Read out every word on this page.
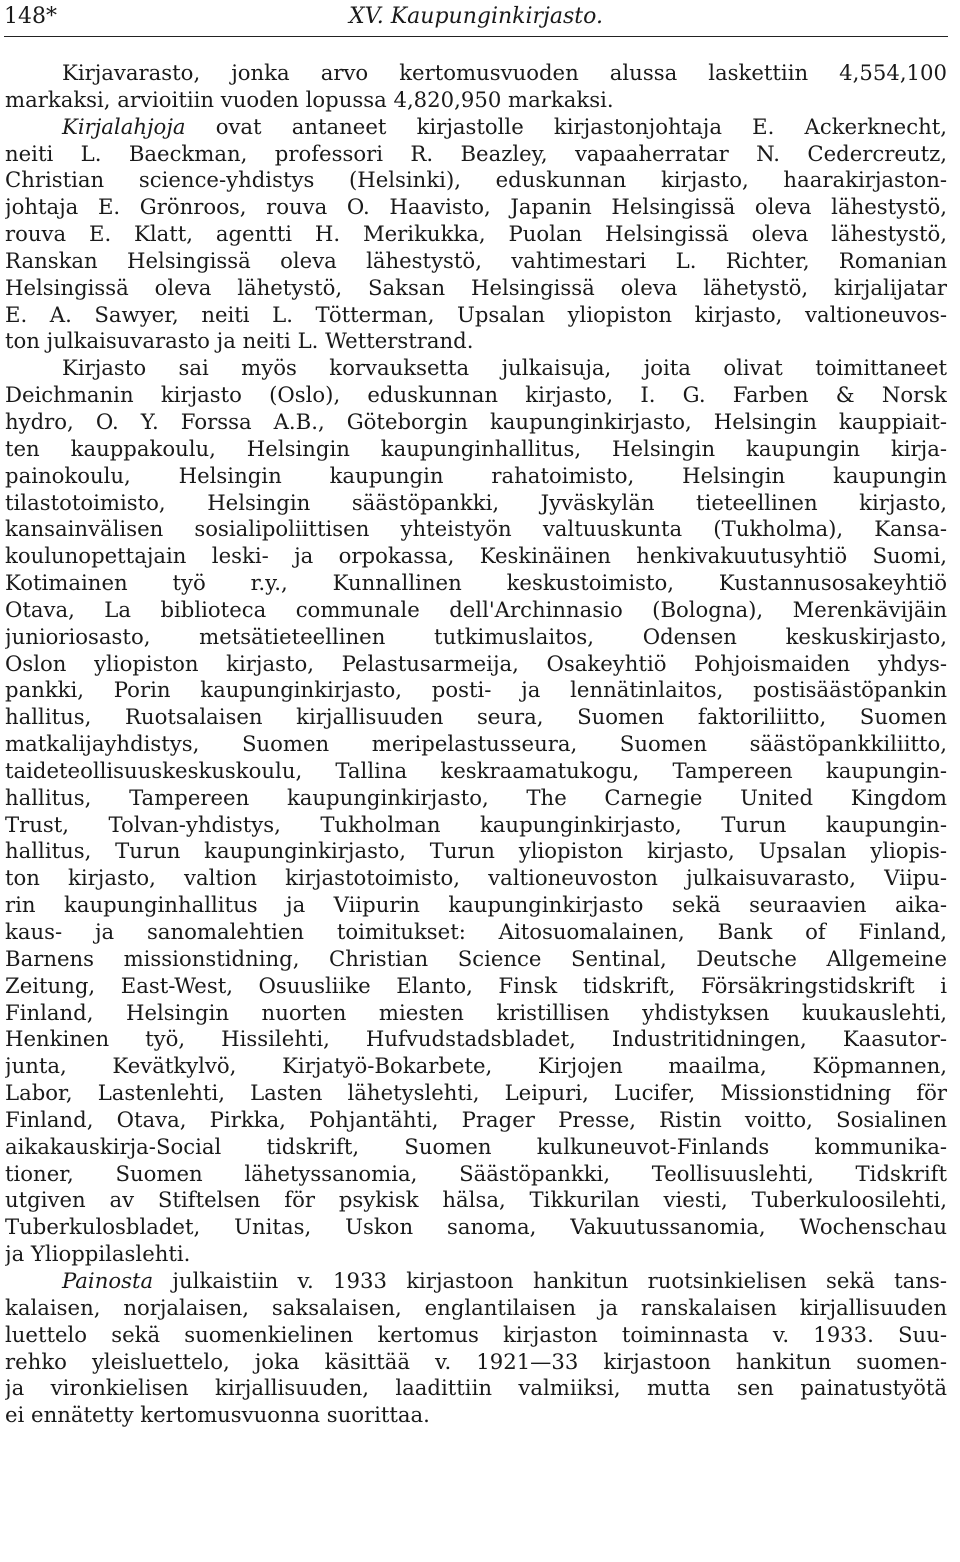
148*	XV. Kaupunginkirjasto.
Kirjavarasto, jonka arvo kertomusvuoden alussa laskettiin 4,554,100
markaksi, arvioitiin vuoden lopussa 4,820,950 markaksi.
Kirjalahjoja ovat antaneet kirjastolle kirjastonjohtaja E. Ackerknecht,
neiti L. Baeckman, professori R. Beazley, vapaaherratar N. Cedercreutz,
Christian science-yhdistys (Helsinki), eduskunnan kirjasto, haarakirjaston-
johtaja E. Grönroos, rouva O. Haavisto, Japanin Helsingissä oleva lähestystö,
rouva E. Klatt, agentti H. Merikukka, Puolan Helsingissä oleva lähestystö,
Ranskan Helsingissä oleva lähestystö, vahtimestari L. Richter, Romanian
Helsingissä oleva lähetystö, Saksan Helsingissä oleva lähetystö, kirjalijatar
E. A. Sawyer, neiti L. Tötterman, Upsalan yliopiston kirjasto, valtioneuvos-
ton julkaisuvarasto ja neiti L. Wetterstrand.
Kirjasto sai myös korvauksetta julkaisuja, joita olivat toimittaneet
Deichmanin kirjasto (Oslo), eduskunnan kirjasto, I. G. Farben & Norsk
hydro, O. Y. Forssa A.B., Göteborgin kaupunginkirjasto, Helsingin kauppiait-
ten kauppakoulu, Helsingin kaupunginhallitus, Helsingin kaupungin kirja-
painokoulu, Helsingin kaupungin rahatoimisto, Helsingin kaupungin
tilastotoimisto, Helsingin säästöpankki, Jyväskylän tieteellinen kirjasto,
kansainvälisen sosialipoliittisen yhteistyön valtuuskunta (Tukholma), Kansa-
koulunopettajain leski- ja orpokassa, Keskinäinen henkivakuutusyhtiö Suomi,
Kotimainen työ r.y., Kunnallinen keskustoimisto, Kustannusosakeyhtiö
Otava, La biblioteca communale dell'Archinnasio (Bologna), Merenkävijäin
junioriosasto, metsätieteellinen tutkimuslaitos, Odensen keskuskirjasto,
Oslon yliopiston kirjasto, Pelastusarmeija, Osakeyhtiö Pohjoismaiden yhdys-
pankki, Porin kaupunginkirjasto, posti- ja lennätinlaitos, postisäästöpankin
hallitus, Ruotsalaisen kirjallisuuden seura, Suomen faktoriliitto, Suomen
matkalijayhdistys, Suomen meripelastusseura, Suomen säästöpankkiliitto,
taideteollisuuskeskuskoulu, Tallina keskraamatukogu, Tampereen kaupungin-
hallitus, Tampereen kaupunginkirjasto, The Carnegie United Kingdom
Trust, Tolvan-yhdistys, Tukholman kaupunginkirjasto, Turun kaupungin-
hallitus, Turun kaupunginkirjasto, Turun yliopiston kirjasto, Upsalan yliopis-
ton kirjasto, valtion kirjastotoimisto, valtioneuvoston julkaisuvarasto, Viipu-
rin kaupunginhallitus ja Viipurin kaupunginkirjasto sekä seuraavien aika-
kaus- ja sanomalehtien toimitukset: Aitosuomalainen, Bank of Finland,
Barnens missionstidning, Christian Science Sentinal, Deutsche Allgemeine
Zeitung, East-West, Osuusliike Elanto, Finsk tidskrift, Försäkringstidskrift i
Finland, Helsingin nuorten miesten kristillisen yhdistyksen kuukauslehti,
Henkinen työ, Hissilehti, Hufvudstadsbladet, Industritidningen, Kaasutor-
junta, Kevätkylvö, Kirjatyö-Bokarbete, Kirjojen maailma, Köpmannen,
Labor, Lastenlehti, Lasten lähetyslehti, Leipuri, Lucifer, Missionstidning för
Finland, Otava, Pirkka, Pohjantähti, Prager Presse, Ristin voitto, Sosialinen
aikakauskirja-Social tidskrift, Suomen kulkuneuvot-Finlands kommunika-
tioner, Suomen lähetyssanomia, Säästöpankki, Teollisuuslehti, Tidskrift
utgiven av Stiftelsen för psykisk hälsa, Tikkurilan viesti, Tuberkuloosilehti,
Tuberkulosbladet, Unitas, Uskon sanoma, Vakuutussanomia, Wochenschau
ja Ylioppilaslehti.
Painosta julkaistiin v. 1933 kirjastoon hankitun ruotsinkielisen sekä tans-
kalaisen, norjalaisen, saksalaisen, englantilaisen ja ranskalaisen kirjallisuuden
luettelo sekä suomenkielinen kertomus kirjaston toiminnasta v. 1933. Suu-
rehko yleisluettelo, joka käsittää v. 1921—33 kirjastoon hankitun suomen-
ja vironkielisen kirjallisuuden, laadittiin valmiiksi, mutta sen painatustyötä
ei ennätetty kertomusvuonna suorittaa.
